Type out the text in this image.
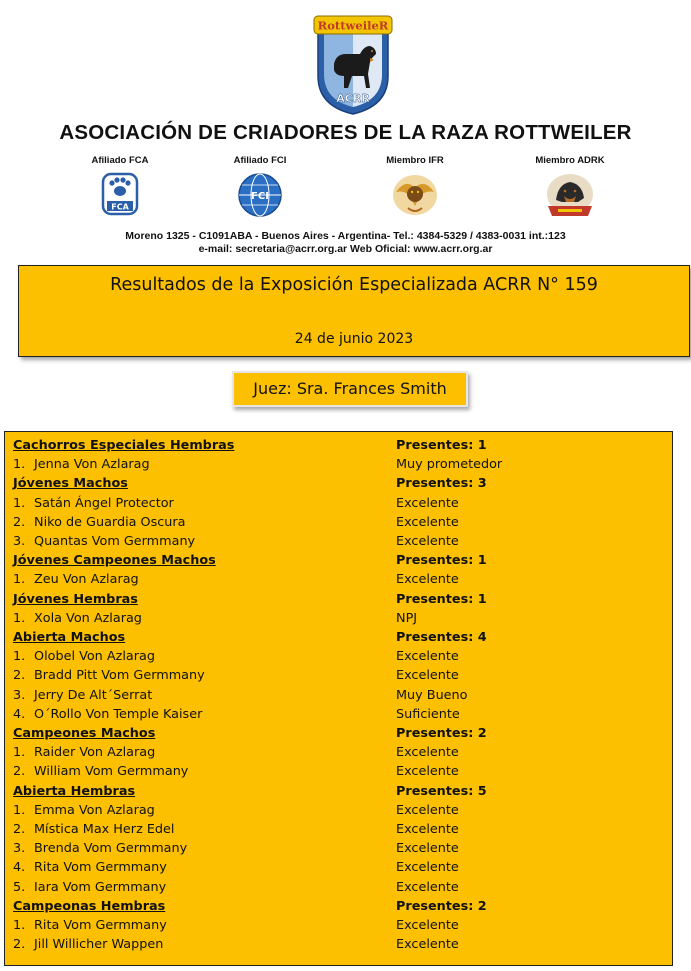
RottweileR
·
ACRR
ASOCIACIÓN DE CRIADORES DE LA RAZA ROTTWEILER
Afiliado FCA
FCA
Afiliado FCI
FCI
Miembro IFR	Miembro ADRK
Moreno 1325 - C1091ABA - Buenos Aires - Argentina- Tel.: 4384-5329 / 4383-0031 int.:123
e-mail: secretaria@acrr.org.ar Web Oficial: www.acrr.org.ar
Resultados de la Exposición Especializada ACRR N° 159
24 de junio 2023
Juez: Sra. Frances Smith
Cachorros Especiales Hembras	Presentes: 1
1. Jenna Von Azlarag	Muy prometedor
Jóvenes Machos	Presentes: 3
1. Satán Ángel Protector	Excelente
2. Niko de Guardia Oscura	Excelente
3. Quantas Vom Germmany	Excelente
Jóvenes Campeones Machos	Presentes: 1
1. Zeu Von Azlarag	Excelente
Jóvenes Hembras	Presentes: 1
1. Xola Von Azlarag	NPJ
Abierta Machos	Presentes: 4
1. Olobel Von Azlarag	Excelente
2. Bradd Pitt Vom Germmany	Excelente
3. Jerry De Alt´Serrat	Muy Bueno
4. O´Rollo Von Temple Kaiser	Suficiente
Campeones Machos	Presentes: 2
1. Raider Von Azlarag	Excelente
2. William Vom Germmany	Excelente
Abierta Hembras	Presentes: 5
1. Emma Von Azlarag	Excelente
2. Mística Max Herz Edel	Excelente
3. Brenda Vom Germmany	Excelente
4. Rita Vom Germmany	Excelente
5. Iara Vom Germmany	Excelente
Campeonas Hembras	Presentes: 2
1. Rita Vom Germmany	Excelente
2. Jill Willicher Wappen	Excelente
